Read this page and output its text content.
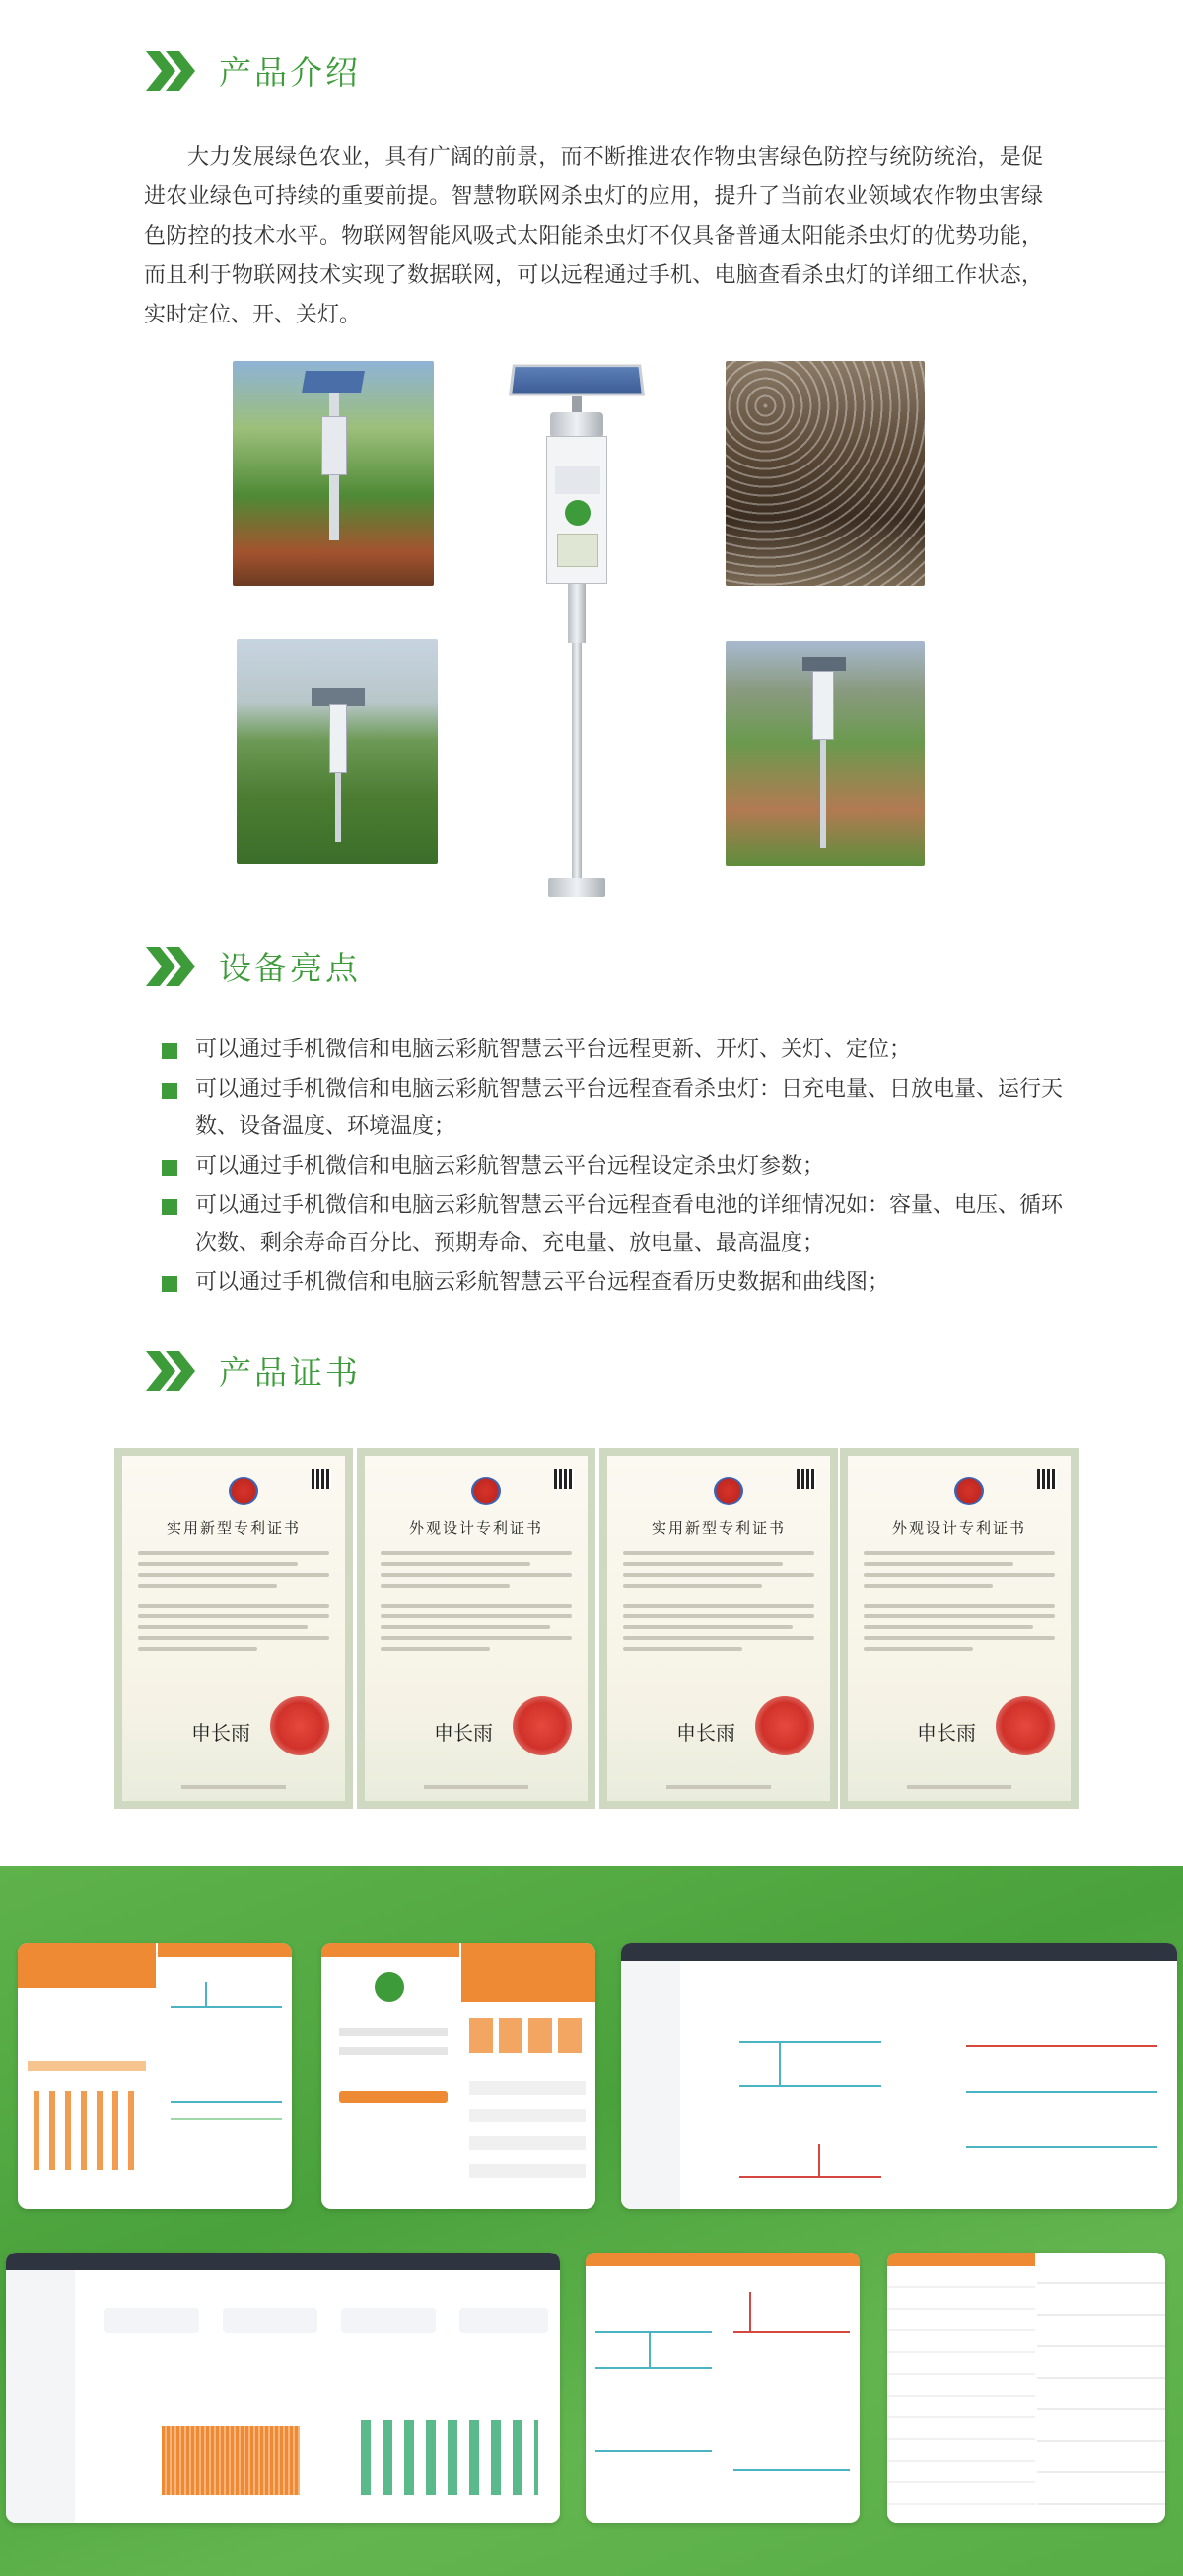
产品介绍

大力发展绿色农业，具有广阔的前景，而不断推进农作物虫害绿色防控与统防统治，是促进农业绿色可持续的重要前提。智慧物联网杀虫灯的应用，提升了当前农业领域农作物虫害绿色防控的技术水平。物联网智能风吸式太阳能杀虫灯不仅具备普通太阳能杀虫灯的优势功能，而且利于物联网技术实现了数据联网，可以远程通过手机、电脑查看杀虫灯的详细工作状态，实时定位、开、关灯。

设备亮点
可以通过手机微信和电脑云彩航智慧云平台远程更新、开灯、关灯、定位；
可以通过手机微信和电脑云彩航智慧云平台远程查看杀虫灯：日充电量、日放电量、运行天数、设备温度、环境温度；
可以通过手机微信和电脑云彩航智慧云平台远程设定杀虫灯参数；
可以通过手机微信和电脑云彩航智慧云平台远程查看电池的详细情况如：容量、电压、循环次数、剩余寿命百分比、预期寿命、充电量、放电量、最高温度；
可以通过手机微信和电脑云彩航智慧云平台远程查看历史数据和曲线图；
产品证书
实用新型专利证书
申长雨
外观设计专利证书
申长雨
实用新型专利证书
申长雨
外观设计专利证书
申长雨
